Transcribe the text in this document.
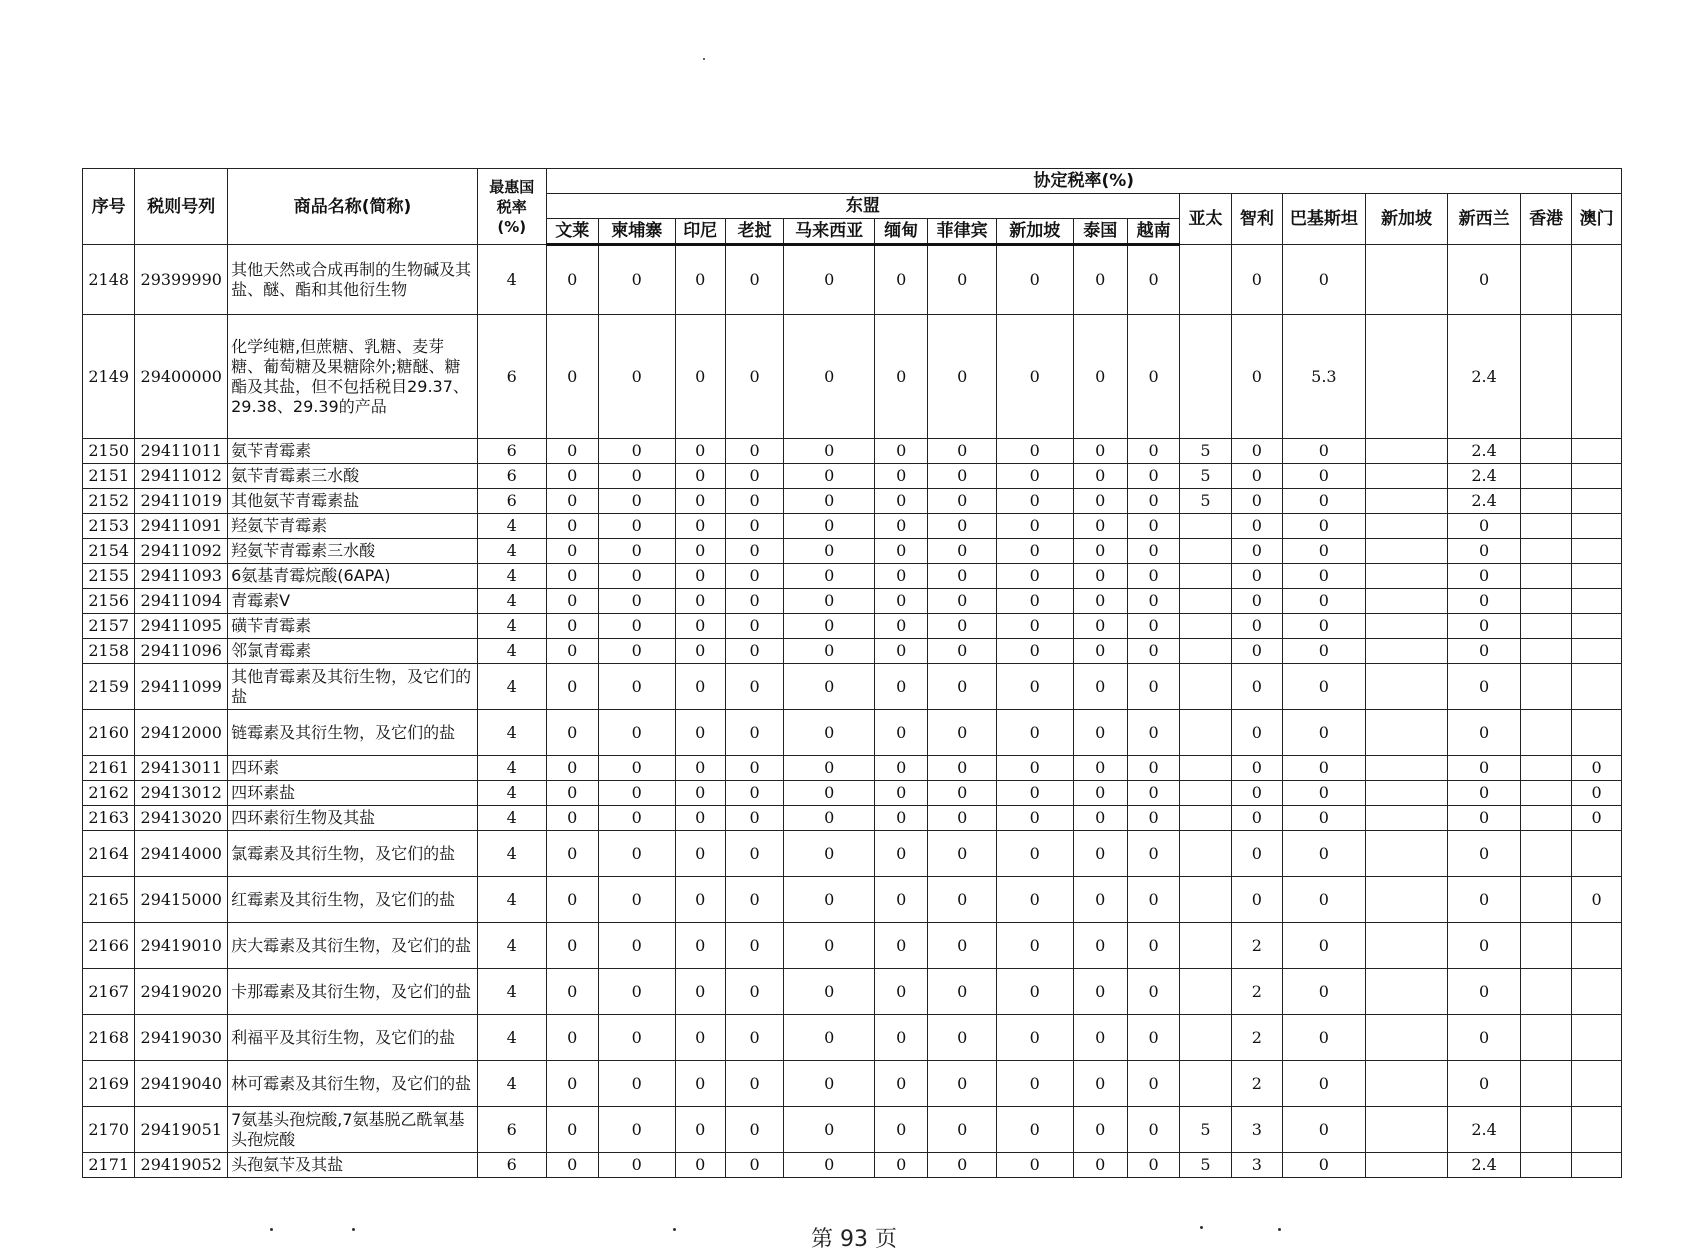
序号	税则号列	商品名称(简称)	最惠国
税率
(%)	协定税率(%)																
				东盟										亚太	智利	巴基斯坦	新加坡	新西兰	香港	澳门
				文莱	柬埔寨	印尼	老挝	马来西亚	缅甸	菲律宾	新加坡	泰国	越南							
2148	29399990	其他天然或合成再制的生物碱及其盐、醚、酯和其他衍生物	4	0	0	0	0	0	0	0	0	0	0		0	0		0		
2149	29400000	化学纯糖,但蔗糖、乳糖、麦芽糖、葡萄糖及果糖除外;糖醚、糖酯及其盐，但不包括税目29.37、29.38、29.39的产品	6	0	0	0	0	0	0	0	0	0	0		0	5.3		2.4		
2150	29411011	氨苄青霉素	6	0	0	0	0	0	0	0	0	0	0	5	0	0		2.4		
2151	29411012	氨苄青霉素三水酸	6	0	0	0	0	0	0	0	0	0	0	5	0	0		2.4		
2152	29411019	其他氨苄青霉素盐	6	0	0	0	0	0	0	0	0	0	0	5	0	0		2.4		
2153	29411091	羟氨苄青霉素	4	0	0	0	0	0	0	0	0	0	0		0	0		0		
2154	29411092	羟氨苄青霉素三水酸	4	0	0	0	0	0	0	0	0	0	0		0	0		0		
2155	29411093	6氨基青霉烷酸(6APA)	4	0	0	0	0	0	0	0	0	0	0		0	0		0		
2156	29411094	青霉素V	4	0	0	0	0	0	0	0	0	0	0		0	0		0		
2157	29411095	磺苄青霉素	4	0	0	0	0	0	0	0	0	0	0		0	0		0		
2158	29411096	邻氯青霉素	4	0	0	0	0	0	0	0	0	0	0		0	0		0		
2159	29411099	其他青霉素及其衍生物，及它们的盐	4	0	0	0	0	0	0	0	0	0	0		0	0		0		
2160	29412000	链霉素及其衍生物，及它们的盐	4	0	0	0	0	0	0	0	0	0	0		0	0		0		
2161	29413011	四环素	4	0	0	0	0	0	0	0	0	0	0		0	0		0		0
2162	29413012	四环素盐	4	0	0	0	0	0	0	0	0	0	0		0	0		0		0
2163	29413020	四环素衍生物及其盐	4	0	0	0	0	0	0	0	0	0	0		0	0		0		0
2164	29414000	氯霉素及其衍生物，及它们的盐	4	0	0	0	0	0	0	0	0	0	0		0	0		0		
2165	29415000	红霉素及其衍生物，及它们的盐	4	0	0	0	0	0	0	0	0	0	0		0	0		0		0
2166	29419010	庆大霉素及其衍生物，及它们的盐	4	0	0	0	0	0	0	0	0	0	0		2	0		0		
2167	29419020	卡那霉素及其衍生物，及它们的盐	4	0	0	0	0	0	0	0	0	0	0		2	0		0		
2168	29419030	利福平及其衍生物，及它们的盐	4	0	0	0	0	0	0	0	0	0	0		2	0		0		
2169	29419040	林可霉素及其衍生物，及它们的盐	4	0	0	0	0	0	0	0	0	0	0		2	0		0		
2170	29419051	7氨基头孢烷酸,7氨基脱乙酰氧基头孢烷酸	6	0	0	0	0	0	0	0	0	0	0	5	3	0		2.4		
2171	29419052	头孢氨苄及其盐	6	0	0	0	0	0	0	0	0	0	0	5	3	0		2.4		
第 93 页
